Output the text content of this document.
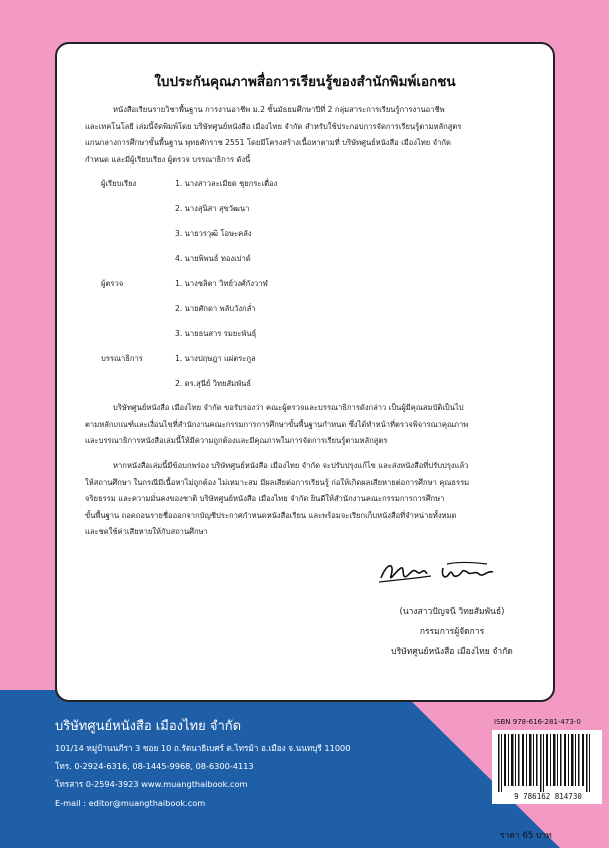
ใบประกันคุณภาพสื่อการเรียนรู้ของสำนักพิมพ์เอกชน
หนังสือเรียนรายวิชาพื้นฐาน การงานอาชีพ ม.2 ชั้นมัธยมศึกษาปีที่ 2 กลุ่มสาระการเรียนรู้การงานอาชีพ
และเทคโนโลยี เล่มนี้จัดพิมพ์โดย บริษัทศูนย์หนังสือ เมืองไทย จำกัด สำหรับใช้ประกอบการจัดการเรียนรู้ตามหลักสูตร
แกนกลางการศึกษาขั้นพื้นฐาน พุทธศักราช 2551 โดยมีโครงสร้างเนื้อหาตามที่ บริษัทศูนย์หนังสือ เมืองไทย จำกัด
กำหนด และมีผู้เรียบเรียง ผู้ตรวจ บรรณาธิการ ดังนี้
ผู้เรียบเรียง	1. นางสาวละเมียด ชุยกระเตื่อง
2. นางสุนิสา สุขวัฒนา
3. นายวรวุฒิ โอษะคลัง
4. นายพิพนธ์ ทองเปาด์
ผู้ตรวจ	1. นางชลิตา วิทย์วงศ์กังวาฬ
2. นายศักดา พลับวังกล่ำ
3. นายธนสาร รมยะพันธุ์
บรรณาธิการ	1. นางปฤษฎา แผ่ตระกูล
2. ดร.สุนีย์ วิทยสัมพันธ์
บริษัทศูนย์หนังสือ เมืองไทย จำกัด ขอรับรองว่า คณะผู้ตรวจและบรรณาธิการดังกล่าว เป็นผู้มีคุณสมบัติเป็นไป
ตามหลักเกณฑ์และเงื่อนไขที่สำนักงานคณะกรรมการการศึกษาขั้นพื้นฐานกำหนด ซึ่งได้ทำหน้าที่ตรวจพิจารณาคุณภาพ
และบรรณาธิการหนังสือเล่มนี้ให้มีความถูกต้องและมีคุณภาพในการจัดการเรียนรู้ตามหลักสูตร
หากหนังสือเล่มนี้มีข้อบกพร่อง บริษัทศูนย์หนังสือ เมืองไทย จำกัด จะปรับปรุงแก้ไข และส่งหนังสือที่ปรับปรุงแล้ว
ให้สถานศึกษา ในกรณีมีเนื้อหาไม่ถูกต้อง ไม่เหมาะสม มีผลเสียต่อการเรียนรู้ ก่อให้เกิดผลเสียหายต่อการศึกษา คุณธรรม
จริยธรรม และความมั่นคงของชาติ บริษัทศูนย์หนังสือ เมืองไทย จำกัด ยินดีให้สำนักงานคณะกรรมการการศึกษา
ขั้นพื้นฐาน ถอดถอนรายชื่อออกจากบัญชีประกาศกำหนดหนังสือเรียน และพร้อมจะเรียกเก็บหนังสือที่จำหน่ายทั้งหมด
และชดใช้ค่าเสียหายให้กับสถานศึกษา
(นางสาวปัญจนี วิทยสัมพันธ์)
กรรมการผู้จัดการ
บริษัทศูนย์หนังสือ เมืองไทย จำกัด
บริษัทศูนย์หนังสือ เมืองไทย จำกัด
101/14 หมู่บ้านนภีรา 3 ซอย 10 ถ.รัตนาธิเบศร์ ต.ไทรม้า อ.เมือง จ.นนทบุรี 11000
โทร. 0-2924-6316, 08-1445-9968, 08-6300-4113
โทรสาร 0-2594-3923 www.muangthaibook.com
E-mail : editor@muangthaibook.com
ISBN 978-616-281-473-0
9 786162 814730
ราคา 65 บาท
